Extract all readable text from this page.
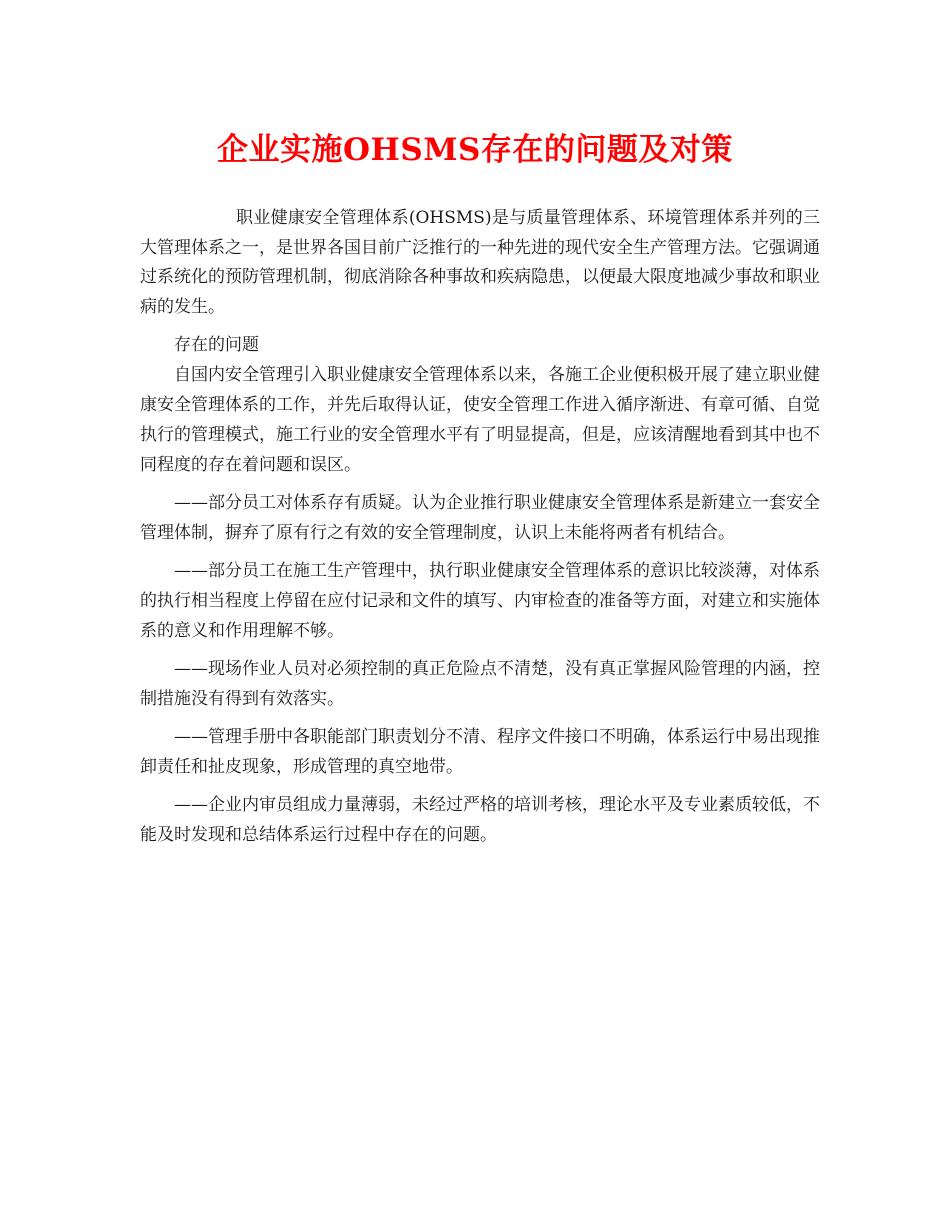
企业实施OHSMS存在的问题及对策

职业健康安全管理体系(OHSMS)是与质量管理体系、环境管理体系并列的三大管理体系之一，是世界各国目前广泛推行的一种先进的现代安全生产管理方法。它强调通过系统化的预防管理机制，彻底消除各种事故和疾病隐患，以便最大限度地减少事故和职业病的发生。

存在的问题

自国内安全管理引入职业健康安全管理体系以来，各施工企业便积极开展了建立职业健康安全管理体系的工作，并先后取得认证，使安全管理工作进入循序渐进、有章可循、自觉执行的管理模式，施工行业的安全管理水平有了明显提高，但是，应该清醒地看到其中也不同程度的存在着问题和误区。

——部分员工对体系存有质疑。认为企业推行职业健康安全管理体系是新建立一套安全管理体制，摒弃了原有行之有效的安全管理制度，认识上未能将两者有机结合。

——部分员工在施工生产管理中，执行职业健康安全管理体系的意识比较淡薄，对体系的执行相当程度上停留在应付记录和文件的填写、内审检查的准备等方面，对建立和实施体系的意义和作用理解不够。

——现场作业人员对必须控制的真正危险点不清楚，没有真正掌握风险管理的内涵，控制措施没有得到有效落实。

——管理手册中各职能部门职责划分不清、程序文件接口不明确，体系运行中易出现推卸责任和扯皮现象，形成管理的真空地带。

——企业内审员组成力量薄弱，未经过严格的培训考核，理论水平及专业素质较低，不能及时发现和总结体系运行过程中存在的问题。
